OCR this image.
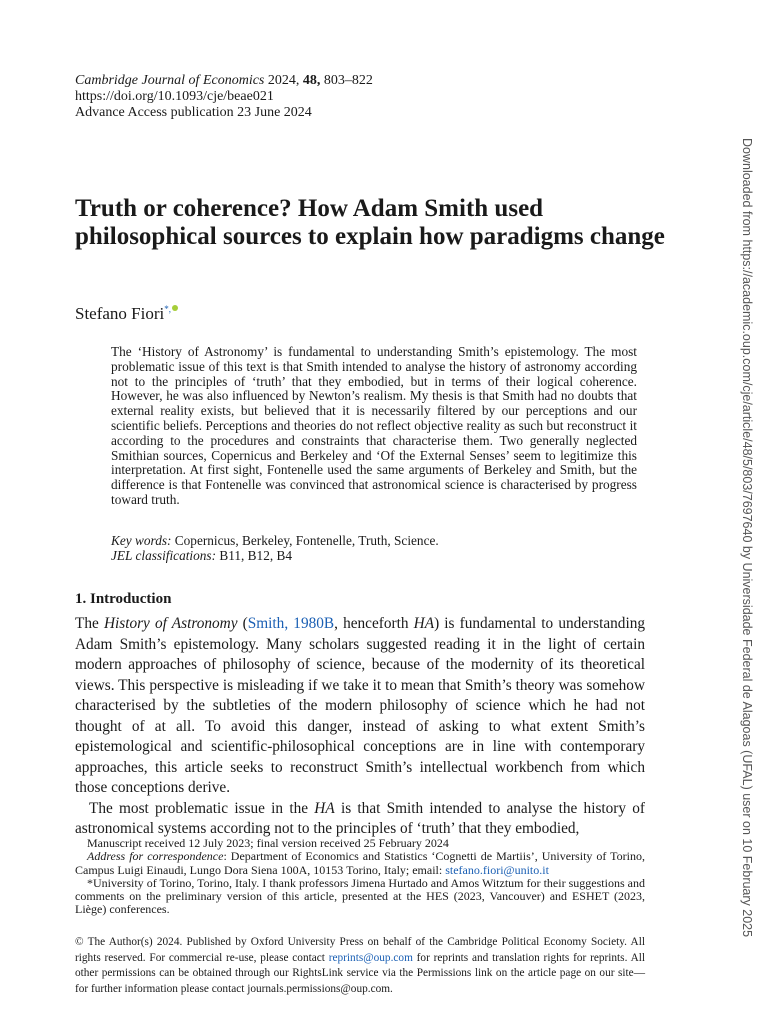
Cambridge Journal of Economics 2024, 48, 803–822
https://doi.org/10.1093/cje/beae021
Advance Access publication 23 June 2024
Truth or coherence? How Adam Smith used philosophical sources to explain how paradigms change
Stefano Fiori*,

The ‘History of Astronomy’ is fundamental to understanding Smith’s epistemology. The most problematic issue of this text is that Smith intended to analyse the history of astronomy according not to the principles of ‘truth’ that they embodied, but in terms of their logical coherence. However, he was also influenced by Newton’s realism. My thesis is that Smith had no doubts that external reality exists, but believed that it is necessarily filtered by our perceptions and our scientific beliefs. Perceptions and theories do not reflect objective reality as such but reconstruct it according to the procedures and constraints that characterise them. Two generally neglected Smithian sources, Copernicus and Berkeley and ‘Of the External Senses’ seem to legitimize this interpretation. At first sight, Fontenelle used the same arguments of Berkeley and Smith, but the difference is that Fontenelle was convinced that astronomical science is characterised by progress toward truth.

Key words: Copernicus, Berkeley, Fontenelle, Truth, Science.
JEL classifications: B11, B12, B4
1. Introduction

The History of Astronomy (Smith, 1980B, henceforth HA) is fundamental to understanding Adam Smith’s epistemology. Many scholars suggested reading it in the light of certain modern approaches of philosophy of science, because of the modernity of its theoretical views. This perspective is misleading if we take it to mean that Smith’s theory was somehow characterised by the subtleties of the modern philosophy of science which he had not thought of at all. To avoid this danger, instead of asking to what extent Smith’s epistemological and scientific-philosophical conceptions are in line with contemporary approaches, this article seeks to reconstruct Smith’s intellectual workbench from which those conceptions derive.

The most problematic issue in the HA is that Smith intended to analyse the history of astronomical systems according not to the principles of ‘truth’ that they embodied,

Manuscript received 12 July 2023; final version received 25 February 2024

Address for correspondence: Department of Economics and Statistics ‘Cognetti de Martiis’, University of Torino, Campus Luigi Einaudi, Lungo Dora Siena 100A, 10153 Torino, Italy; email: stefano.fiori@unito.it

*University of Torino, Torino, Italy. I thank professors Jimena Hurtado and Amos Witztum for their suggestions and comments on the preliminary version of this article, presented at the HES (2023, Vancouver) and ESHET (2023, Liège) conferences.

© The Author(s) 2024. Published by Oxford University Press on behalf of the Cambridge Political Economy Society. All rights reserved. For commercial re-use, please contact reprints@oup.com for reprints and translation rights for reprints. All other permissions can be obtained through our RightsLink service via the Permissions link on the article page on our site—for further information please contact journals.permissions@oup.com.

Downloaded from https://academic.oup.com/cje/article/48/5/803/7697640 by Universidade Federal de Alagoas (UFAL) user on 10 February 2025
